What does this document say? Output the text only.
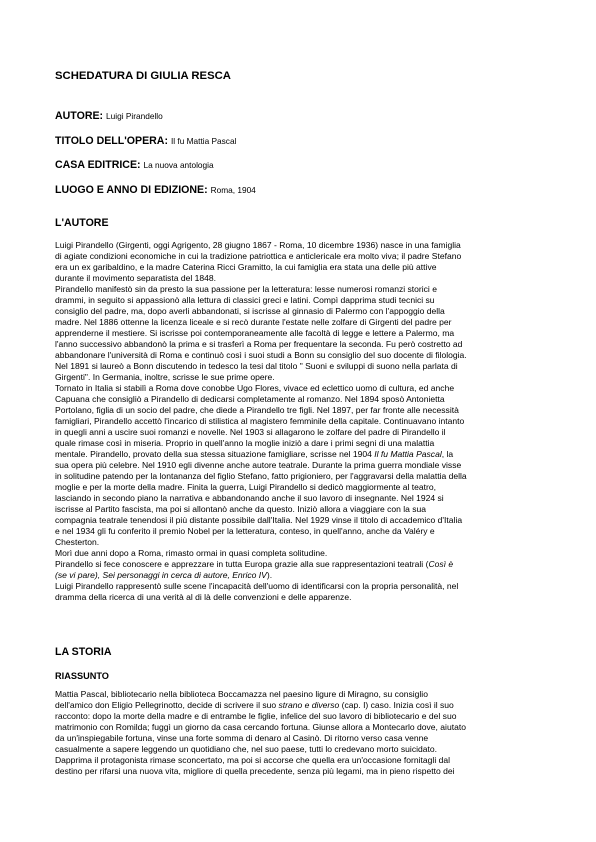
SCHEDATURA DI GIULIA RESCA
AUTORE: Luigi Pirandello
TITOLO DELL'OPERA: Il fu Mattia Pascal
CASA EDITRICE: La nuova antologia
LUOGO E ANNO DI EDIZIONE: Roma, 1904
L'AUTORE
Luigi Pirandello (Girgenti, oggi Agrigento, 28 giugno 1867 - Roma, 10 dicembre 1936) nasce in una famiglia
di agiate condizioni economiche in cui la tradizione patriottica e anticlericale era molto viva; il padre Stefano
era un ex garibaldino, e la madre Caterina Ricci Gramitto, la cui famiglia era stata una delle più attive
durante il movimento separatista del 1848.
Pirandello manifestò sin da presto la sua passione per la letteratura: lesse numerosi romanzi storici e
drammi, in seguito si appassionò alla lettura di classici greci e latini. Compì dapprima studi tecnici su
consiglio del padre, ma, dopo averli abbandonati, si iscrisse al ginnasio di Palermo con l'appoggio della
madre. Nel 1886 ottenne la licenza liceale e si recò durante l'estate nelle zolfare di Girgenti del padre per
apprenderne il mestiere. Si iscrisse poi contemporaneamente alle facoltà di legge e lettere a Palermo, ma
l'anno successivo abbandonò la prima e si trasferì a Roma per frequentare la seconda. Fu però costretto ad
abbandonare l'università di Roma e continuò così i suoi studi a Bonn su consiglio del suo docente di filologia.
Nel 1891 si laureò a Bonn discutendo in tedesco la tesi dal titolo " Suoni e sviluppi di suono nella parlata di
Girgenti". In Germania, inoltre, scrisse le sue prime opere.
Tornato in Italia si stabilì a Roma dove conobbe Ugo Flores, vivace ed eclettico uomo di cultura, ed anche
Capuana che consigliò a Pirandello di dedicarsi completamente al romanzo. Nel 1894 sposò Antonietta
Portolano, figlia di un socio del padre, che diede a Pirandello tre figli. Nel 1897, per far fronte alle necessità
famigliari, Pirandello accettò l'incarico di stilistica al magistero femminile della capitale. Continuavano intanto
in quegli anni a uscire suoi romanzi e novelle. Nel 1903 si allagarono le zolfare del padre di Pirandello il
quale rimase così in miseria. Proprio in quell'anno la moglie iniziò a dare i primi segni di una malattia
mentale. Pirandello, provato della sua stessa situazione famigliare, scrisse nel 1904 Il fu Mattia Pascal, la
sua opera più celebre. Nel 1910 egli divenne anche autore teatrale. Durante la prima guerra mondiale visse
in solitudine patendo per la lontananza del figlio Stefano, fatto prigioniero, per l'aggravarsi della malattia della
moglie e per la morte della madre. Finita la guerra, Luigi Pirandello si dedicò maggiormente al teatro,
lasciando in secondo piano la narrativa e abbandonando anche il suo lavoro di insegnante. Nel 1924 si
iscrisse al Partito fascista, ma poi si allontanò anche da questo. Iniziò allora a viaggiare con la sua
compagnia teatrale tenendosi il più distante possibile dall'Italia. Nel 1929 vinse il titolo di accademico d'Italia
e nel 1934 gli fu conferito il premio Nobel per la letteratura, conteso, in quell'anno, anche da Valéry e
Chesterton.
Morì due anni dopo a Roma, rimasto ormai in quasi completa solitudine.
Pirandello si fece conoscere e apprezzare in tutta Europa grazie alla sue rappresentazioni teatrali (Così è
(se vi pare), Sei personaggi in cerca di autore, Enrico IV).
Luigi Pirandello rappresentò sulle scene l'incapacità dell'uomo di identificarsi con la propria personalità, nel
dramma della ricerca di una verità al di là delle convenzioni e delle apparenze.
LA STORIA
RIASSUNTO
Mattia Pascal, bibliotecario nella biblioteca Boccamazza nel paesino ligure di Miragno, su consiglio
dell'amico don Eligio Pellegrinotto, decide di scrivere il suo strano e diverso (cap. I) caso. Inizia così il suo
racconto: dopo la morte della madre e di entrambe le figlie, infelice del suo lavoro di bibliotecario e del suo
matrimonio con Romilda; fuggì un giorno da casa cercando fortuna. Giunse allora a Montecarlo dove, aiutato
da un'inspiegabile fortuna, vinse una forte somma di denaro al Casinò. Di ritorno verso casa venne
casualmente a sapere leggendo un quotidiano che, nel suo paese, tutti lo credevano morto suicidato.
Dapprima il protagonista rimase sconcertato, ma poi si accorse che quella era un'occasione fornitagli dal
destino per rifarsi una nuova vita, migliore di quella precedente, senza più legami, ma in pieno rispetto dei
